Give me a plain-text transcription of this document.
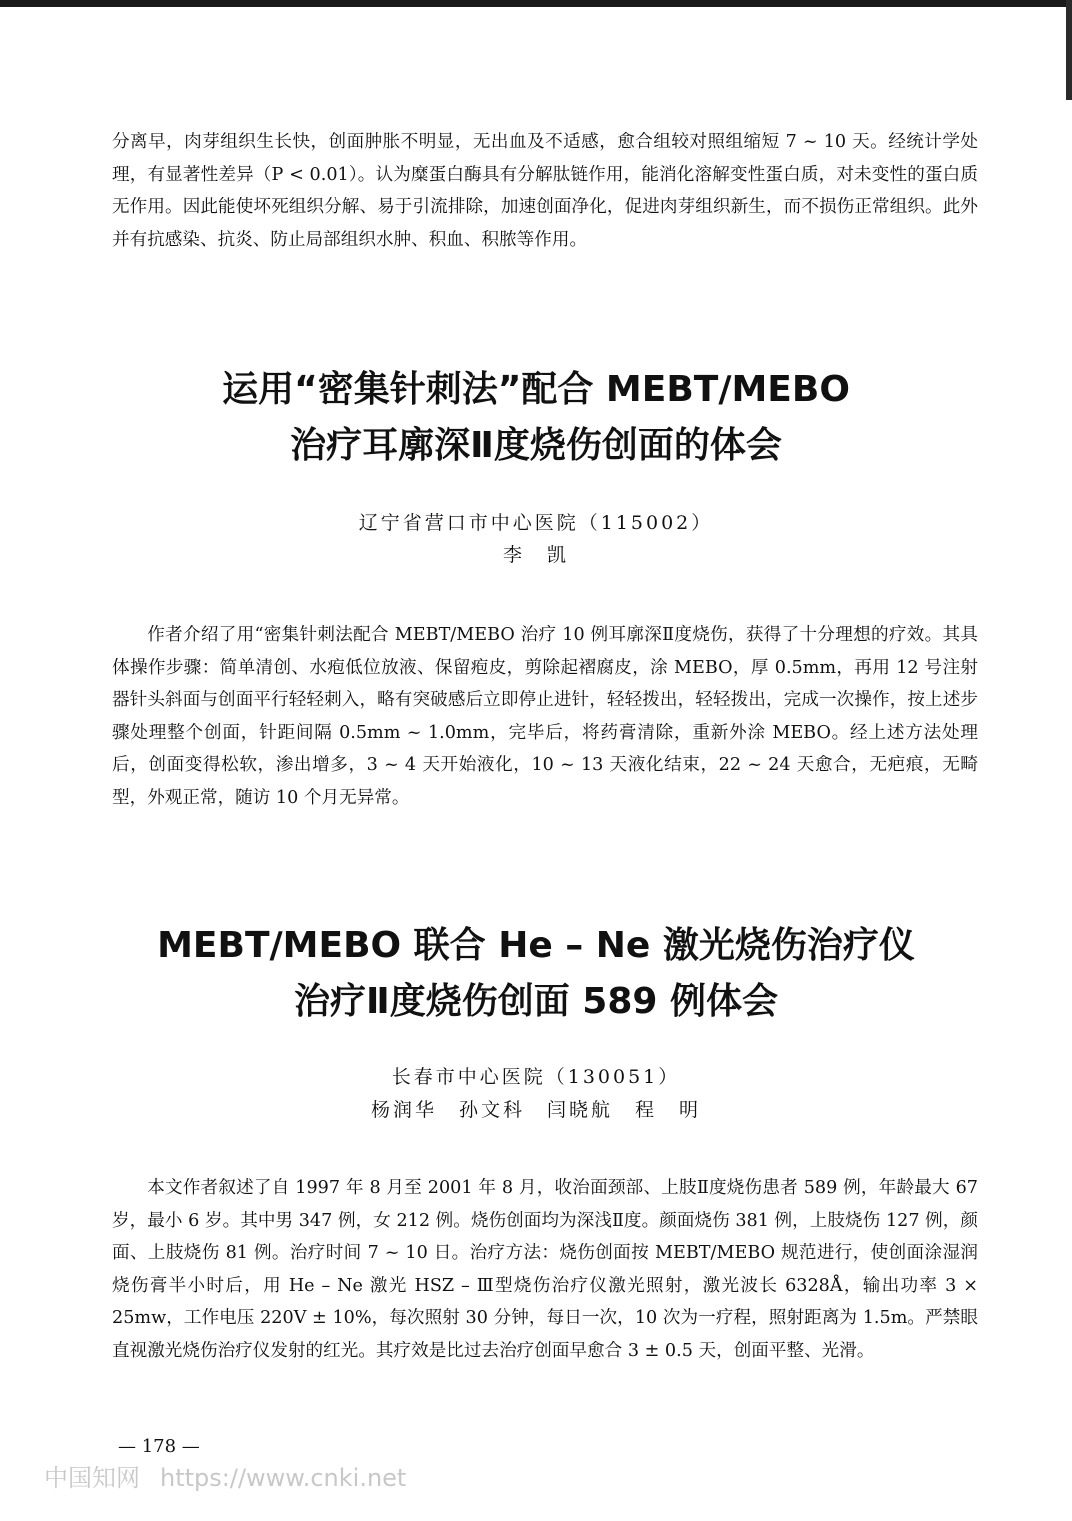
分离早，肉芽组织生长快，创面肿胀不明显，无出血及不适感，愈合组较对照组缩短 7 ~ 10 天。经统计学处理，有显著性差异（P < 0.01）。认为糜蛋白酶具有分解肽链作用，能消化溶解变性蛋白质，对未变性的蛋白质无作用。因此能使坏死组织分解、易于引流排除，加速创面净化，促进肉芽组织新生，而不损伤正常组织。此外并有抗感染、抗炎、防止局部组织水肿、积血、积脓等作用。

运用“密集针刺法”配合 MEBT/MEBO
治疗耳廓深Ⅱ度烧伤创面的体会
辽宁省营口市中心医院（115002）
李　凯

作者介绍了用“密集针刺法配合 MEBT/MEBO 治疗 10 例耳廓深Ⅱ度烧伤，获得了十分理想的疗效。其具体操作步骤：简单清创、水疱低位放液、保留疱皮，剪除起褶腐皮，涂 MEBO，厚 0.5mm，再用 12 号注射器针头斜面与创面平行轻轻刺入，略有突破感后立即停止进针，轻轻拨出，轻轻拨出，完成一次操作，按上述步骤处理整个创面，针距间隔 0.5mm ~ 1.0mm，完毕后，将药膏清除，重新外涂 MEBO。经上述方法处理后，创面变得松软，渗出增多，3 ~ 4 天开始液化，10 ~ 13 天液化结束，22 ~ 24 天愈合，无疤痕，无畸型，外观正常，随访 10 个月无异常。

MEBT/MEBO 联合 He – Ne 激光烧伤治疗仪
治疗Ⅱ度烧伤创面 589 例体会
长春市中心医院（130051）
杨润华　孙文科　闫晓航　程　明

本文作者叙述了自 1997 年 8 月至 2001 年 8 月，收治面颈部、上肢Ⅱ度烧伤患者 589 例，年龄最大 67 岁，最小 6 岁。其中男 347 例，女 212 例。烧伤创面均为深浅Ⅱ度。颜面烧伤 381 例，上肢烧伤 127 例，颜面、上肢烧伤 81 例。治疗时间 7 ~ 10 日。治疗方法：烧伤创面按 MEBT/MEBO 规范进行，使创面涂湿润烧伤膏半小时后，用 He – Ne 激光 HSZ – Ⅲ型烧伤治疗仪激光照射，激光波长 6328Å，输出功率 3 × 25mw，工作电压 220V ± 10%，每次照射 30 分钟，每日一次，10 次为一疗程，照射距离为 1.5m。严禁眼直视激光烧伤治疗仪发射的红光。其疗效是比过去治疗创面早愈合 3 ± 0.5 天，创面平整、光滑。

— 178 —
中国知网 https://www.cnki.net
